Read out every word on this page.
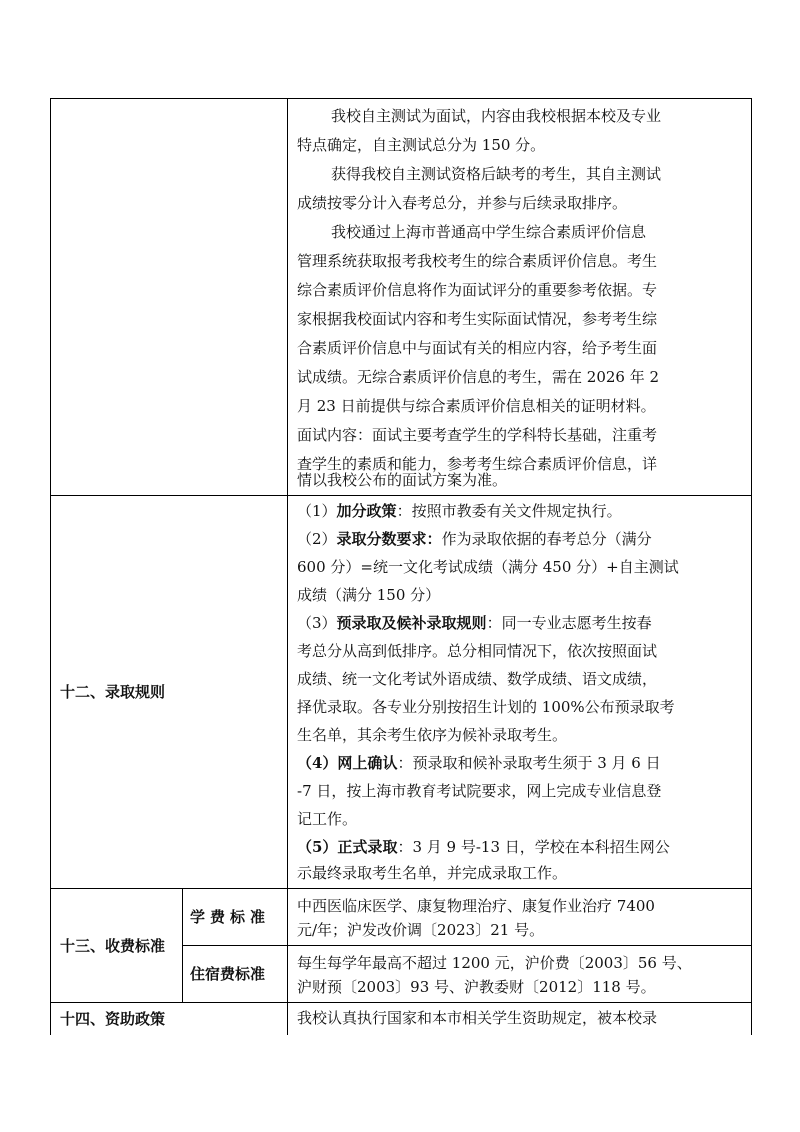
我校自主测试为面试，内容由我校根据本校及专业
特点确定，自主测试总分为 150 分。
获得我校自主测试资格后缺考的考生，其自主测试
成绩按零分计入春考总分，并参与后续录取排序。
我校通过上海市普通高中学生综合素质评价信息
管理系统获取报考我校考生的综合素质评价信息。考生
综合素质评价信息将作为面试评分的重要参考依据。专
家根据我校面试内容和考生实际面试情况，参考考生综
合素质评价信息中与面试有关的相应内容，给予考生面
试成绩。无综合素质评价信息的考生，需在 2026 年 2
月 23 日前提供与综合素质评价信息相关的证明材料。
面试内容：面试主要考查学生的学科特长基础，注重考
查学生的素质和能力，参考考生综合素质评价信息，详
情以我校公布的面试方案为准。
十二、录取规则
（1）加分政策：按照市教委有关文件规定执行。
（2）录取分数要求：作为录取依据的春考总分（满分
600 分）=统一文化考试成绩（满分 450 分）+自主测试
成绩（满分 150 分）
（3）预录取及候补录取规则：同一专业志愿考生按春
考总分从高到低排序。总分相同情况下，依次按照面试
成绩、统一文化考试外语成绩、数学成绩、语文成绩，
择优录取。各专业分别按招生计划的 100%公布预录取考
生名单，其余考生依序为候补录取考生。
（4）网上确认：预录取和候补录取考生须于 3 月 6 日
-7 日，按上海市教育考试院要求，网上完成专业信息登
记工作。
（5）正式录取：3 月 9 号-13 日，学校在本科招生网公
示最终录取考生名单，并完成录取工作。
十三、收费标准
学费标准
中西医临床医学、康复物理治疗、康复作业治疗 7400
元/年；沪发改价调〔2023〕21 号。
住宿费标准
每生每学年最高不超过 1200 元，沪价费〔2003〕56 号、
沪财预〔2003〕93 号、沪教委财〔2012〕118 号。
十四、资助政策	我校认真执行国家和本市相关学生资助规定，被本校录
